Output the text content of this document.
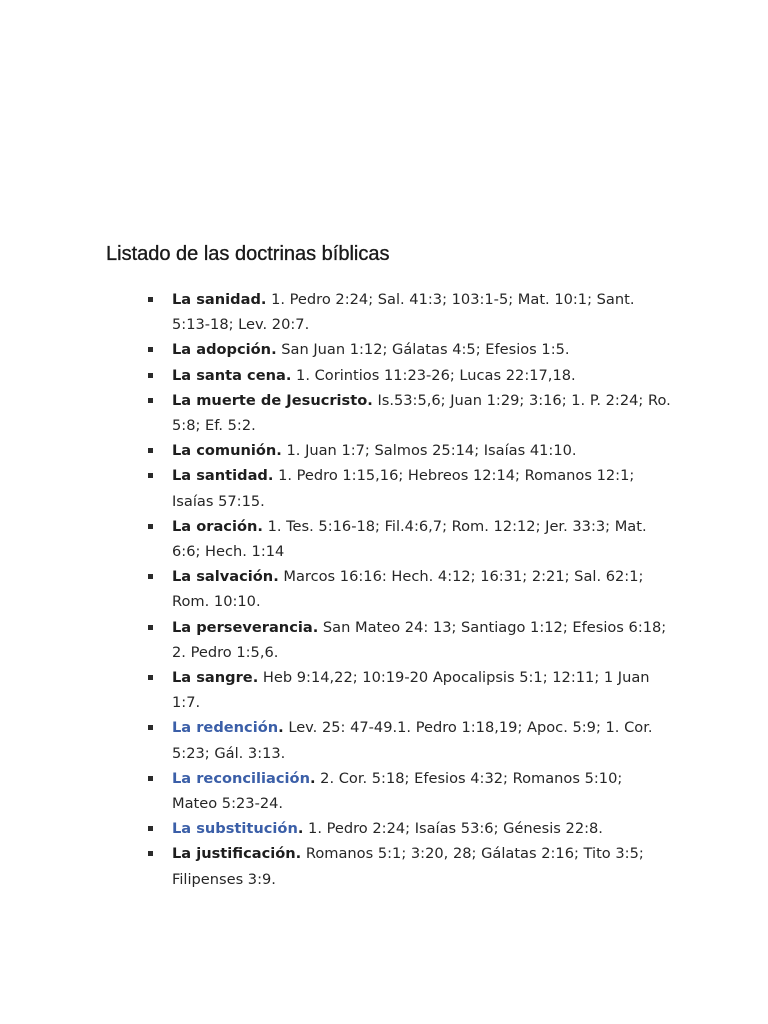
Listado de las doctrinas bíblicas
La sanidad. 1. Pedro 2:24; Sal. 41:3; 103:1-5; Mat. 10:1; Sant. 5:13-18; Lev. 20:7.
La adopción. San Juan 1:12; Gálatas 4:5; Efesios 1:5.
La santa cena. 1. Corintios 11:23-26; Lucas 22:17,18.
La muerte de Jesucristo. Is.53:5,6; Juan 1:29; 3:16; 1. P. 2:24; Ro. 5:8; Ef. 5:2.
La comunión. 1. Juan 1:7; Salmos 25:14; Isaías 41:10.
La santidad. 1. Pedro 1:15,16; Hebreos 12:14; Romanos 12:1; Isaías 57:15.
La oración. 1. Tes. 5:16-18; Fil.4:6,7; Rom. 12:12; Jer. 33:3; Mat. 6:6; Hech. 1:14
La salvación. Marcos 16:16: Hech. 4:12; 16:31; 2:21; Sal. 62:1; Rom. 10:10.
La perseverancia. San Mateo 24: 13; Santiago 1:12; Efesios 6:18; 2. Pedro 1:5,6.
La sangre. Heb 9:14,22; 10:19-20 Apocalipsis 5:1; 12:11; 1 Juan 1:7.
La redención. Lev. 25: 47-49.1. Pedro 1:18,19; Apoc. 5:9; 1. Cor. 5:23; Gál. 3:13.
La reconciliación. 2. Cor. 5:18; Efesios 4:32; Romanos 5:10; Mateo 5:23-24.
La substitución. 1. Pedro 2:24; Isaías 53:6; Génesis 22:8.
La justificación. Romanos 5:1; 3:20, 28; Gálatas 2:16; Tito 3:5; Filipenses 3:9.
